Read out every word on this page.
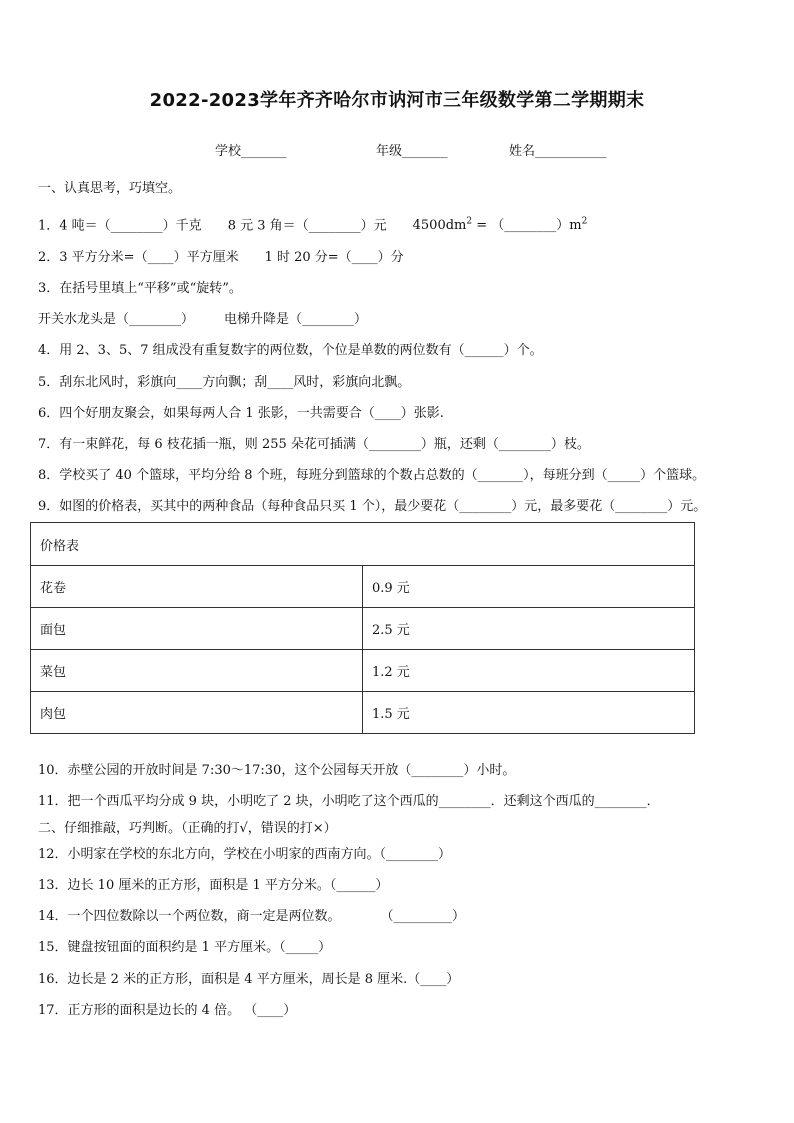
2022-2023学年齐齐哈尔市讷河市三年级数学第二学期期末
学校_______	年级_______	姓名___________
一、认真思考，巧填空。
1．4 吨＝（________）千克 8 元 3 角＝（________）元 $4500dm^2$ = $(\_\_\_\_\_\_\_\_)m^2$
2．3 平方分米=（____）平方厘米 1 时 20 分=（____）分
3．在括号里填上“平移”或“旋转”。
开关水龙头是（________） 电梯升降是（________）
4．用 2、3、5、7 组成没有重复数字的两位数，个位是单数的两位数有（______）个。
5．刮东北风时，彩旗向____方向飘；刮____风时，彩旗向北飘。
6．四个好朋友聚会，如果每两人合 1 张影，一共需要合（____）张影.
7．有一束鲜花，每 6 枝花插一瓶，则 255 朵花可插满（________）瓶，还剩（________）枝。
8．学校买了 40 个篮球，平均分给 8 个班，每班分到篮球的个数占总数的（_______），每班分到（_____）个篮球。
9．如图的价格表，买其中的两种食品（每种食品只买 1 个），最少要花（________）元，最多要花（________）元。
价格表	
花卷	0.9 元
面包	2.5 元
菜包	1.2 元
肉包	1.5 元
10．赤壁公园的开放时间是 7:30～17:30，这个公园每天开放（________）小时。
11．把一个西瓜平均分成 9 块，小明吃了 2 块，小明吃了这个西瓜的________．还剩这个西瓜的________．
二、仔细推敲，巧判断。（正确的打√，错误的打×）
12．小明家在学校的东北方向，学校在小明家的西南方向。（________）
13．边长 10 厘米的正方形，面积是 1 平方分米。（______）
14．一个四位数除以一个两位数，商一定是两位数。	（_________）
15．键盘按钮面的面积约是 1 平方厘米。（_____）
16．边长是 2 米的正方形，面积是 4 平方厘米，周长是 8 厘米.（____）
17．正方形的面积是边长的 4 倍。 （____）
